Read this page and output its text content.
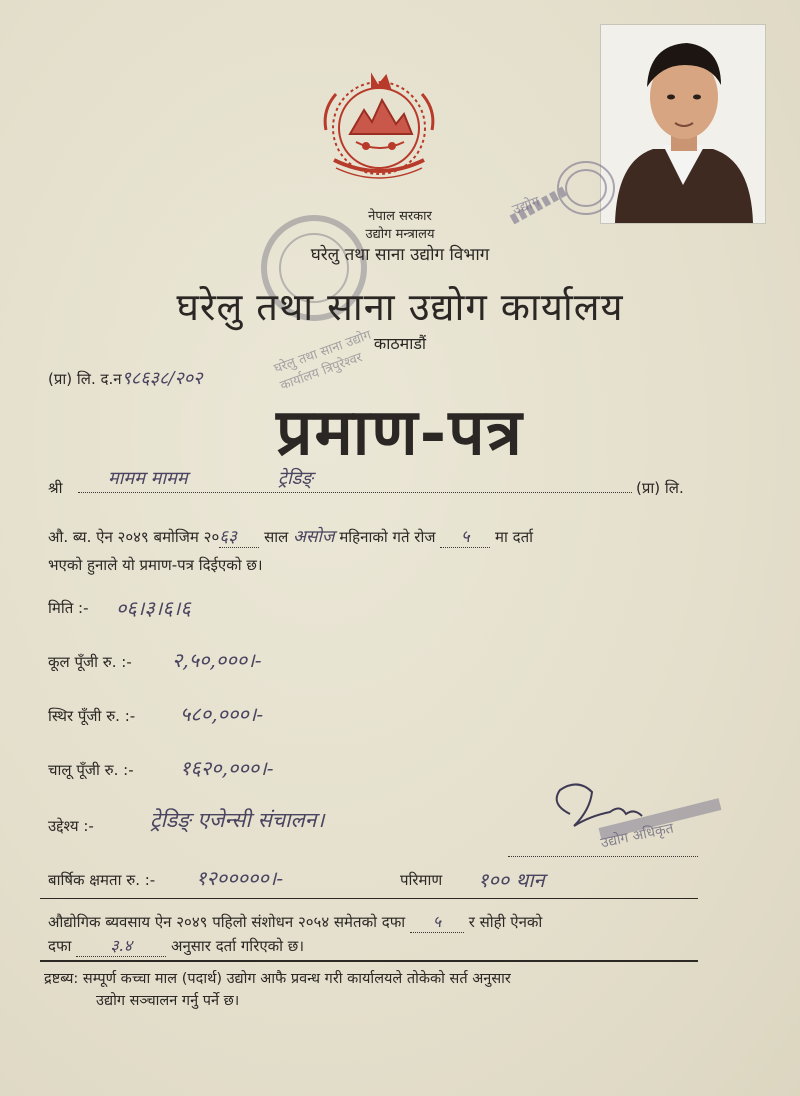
उद्योग
घरेलु तथा साना उद्योग कार्यालय त्रिपुरेश्वर
नेपाल सरकार
उद्योग मन्त्रालय
घरेलु तथा साना उद्योग विभाग
घरेलु तथा साना उद्योग कार्यालय
काठमाडौं
(प्रा) लि. द.न९८६३८/२०२
प्रमाण-पत्र
श्री	मामम मामम	ट्रेडिङ्	(प्रा) लि.
औ. ब्य. ऐन २०४९ बमोजिम २०६३ साल असोज महिनाको गते रोज ५ मा दर्ता
भएको हुनाले यो प्रमाण-पत्र दिईएको छ।
मिति :- ०६।३।६।६
कूल पूँजी रु. :- २,५०,०००।-
स्थिर पूँजी रु. :- ५८०,०००।-
चालू पूँजी रु. :- १६२०,०००।-
उद्देश्य :-	ट्रेडिङ् एजेन्सी संचालन।
उद्योग अधिकृत
बार्षिक क्षमता रु. :- १२०००००।-	परिमाण १०० थान
औद्योगिक ब्यवसाय ऐन २०४९ पहिलो संशोधन २०५४ समेतको दफा ५ र सोही ऐनको
दफा ३.४	अनुसार दर्ता गरिएको छ।
द्रष्टब्य: सम्पूर्ण कच्चा माल (पदार्थ) उद्योग आफै प्रवन्ध गरी कार्यालयले तोकेको सर्त अनुसार
उद्योग सञ्चालन गर्नु पर्ने छ।
